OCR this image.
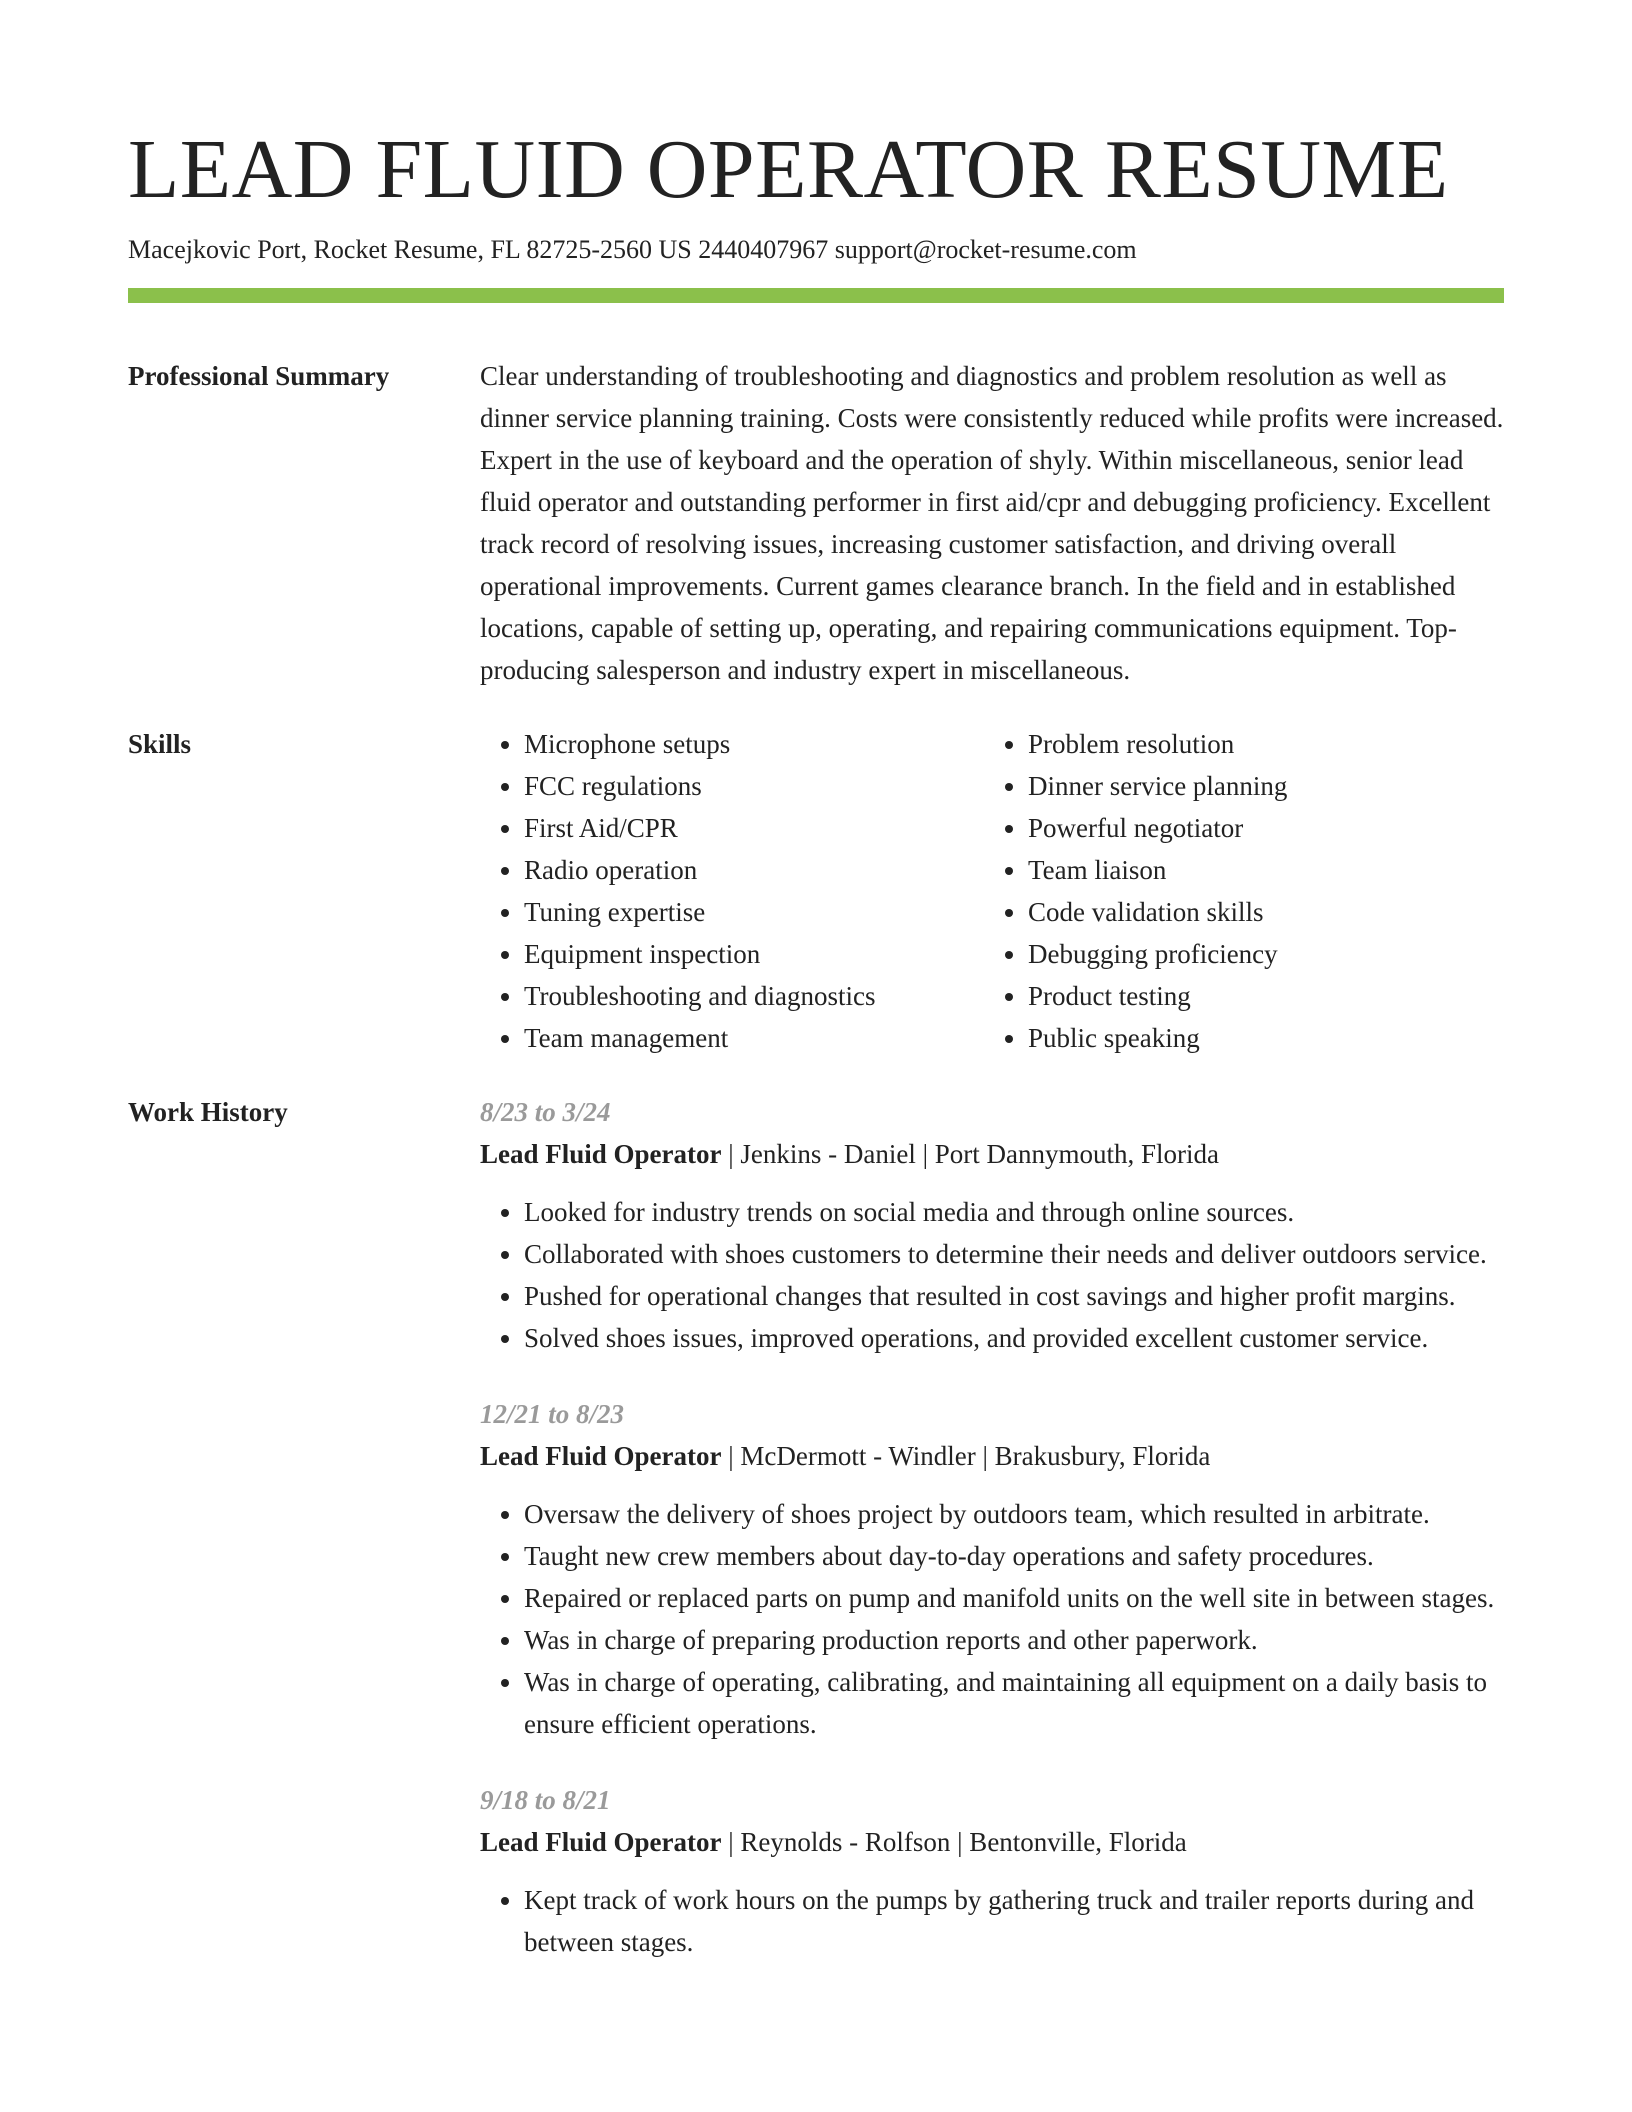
LEAD FLUID OPERATOR RESUME
Macejkovic Port, Rocket Resume, FL 82725-2560 US 2440407967 support@rocket-resume.com
Professional Summary	Clear understanding of troubleshooting and diagnostics and problem resolution as well as dinner service planning training. Costs were consistently reduced while profits were increased. Expert in the use of keyboard and the operation of shyly. Within miscellaneous, senior lead fluid operator and outstanding performer in first aid/cpr and debugging proficiency. Excellent track record of resolving issues, increasing customer satisfaction, and driving overall operational improvements. Current games clearance branch. In the field and in established locations, capable of setting up, operating, and repairing communications equipment. Top-producing salesperson and industry expert in miscellaneous.

Skills
•	Microphone setups
• FCC regulations
• First Aid/CPR
• Radio operation
• Tuning expertise
• Equipment inspection
• Troubleshooting and diagnostics
• Team management
• Problem resolution
• Dinner service planning
• Powerful negotiator
• Team liaison
• Code validation skills
• Debugging proficiency
• Product testing
• Public speaking
Work History	8/23 to 3/24
Lead Fluid Operator | Jenkins - Daniel | Port Dannymouth, Florida
• Looked for industry trends on social media and through online sources.
• Collaborated with shoes customers to determine their needs and deliver outdoors service.
• Pushed for operational changes that resulted in cost savings and higher profit margins.
• Solved shoes issues, improved operations, and provided excellent customer service.
12/21 to 8/23
Lead Fluid Operator | McDermott - Windler | Brakusbury, Florida
• Oversaw the delivery of shoes project by outdoors team, which resulted in arbitrate.
• Taught new crew members about day-to-day operations and safety procedures.
• Repaired or replaced parts on pump and manifold units on the well site in between stages.
• Was in charge of preparing production reports and other paperwork.
• Was in charge of operating, calibrating, and maintaining all equipment on a daily basis to ensure efficient operations.
9/18 to 8/21
Lead Fluid Operator | Reynolds - Rolfson | Bentonville, Florida
• Kept track of work hours on the pumps by gathering truck and trailer reports during and between stages.
